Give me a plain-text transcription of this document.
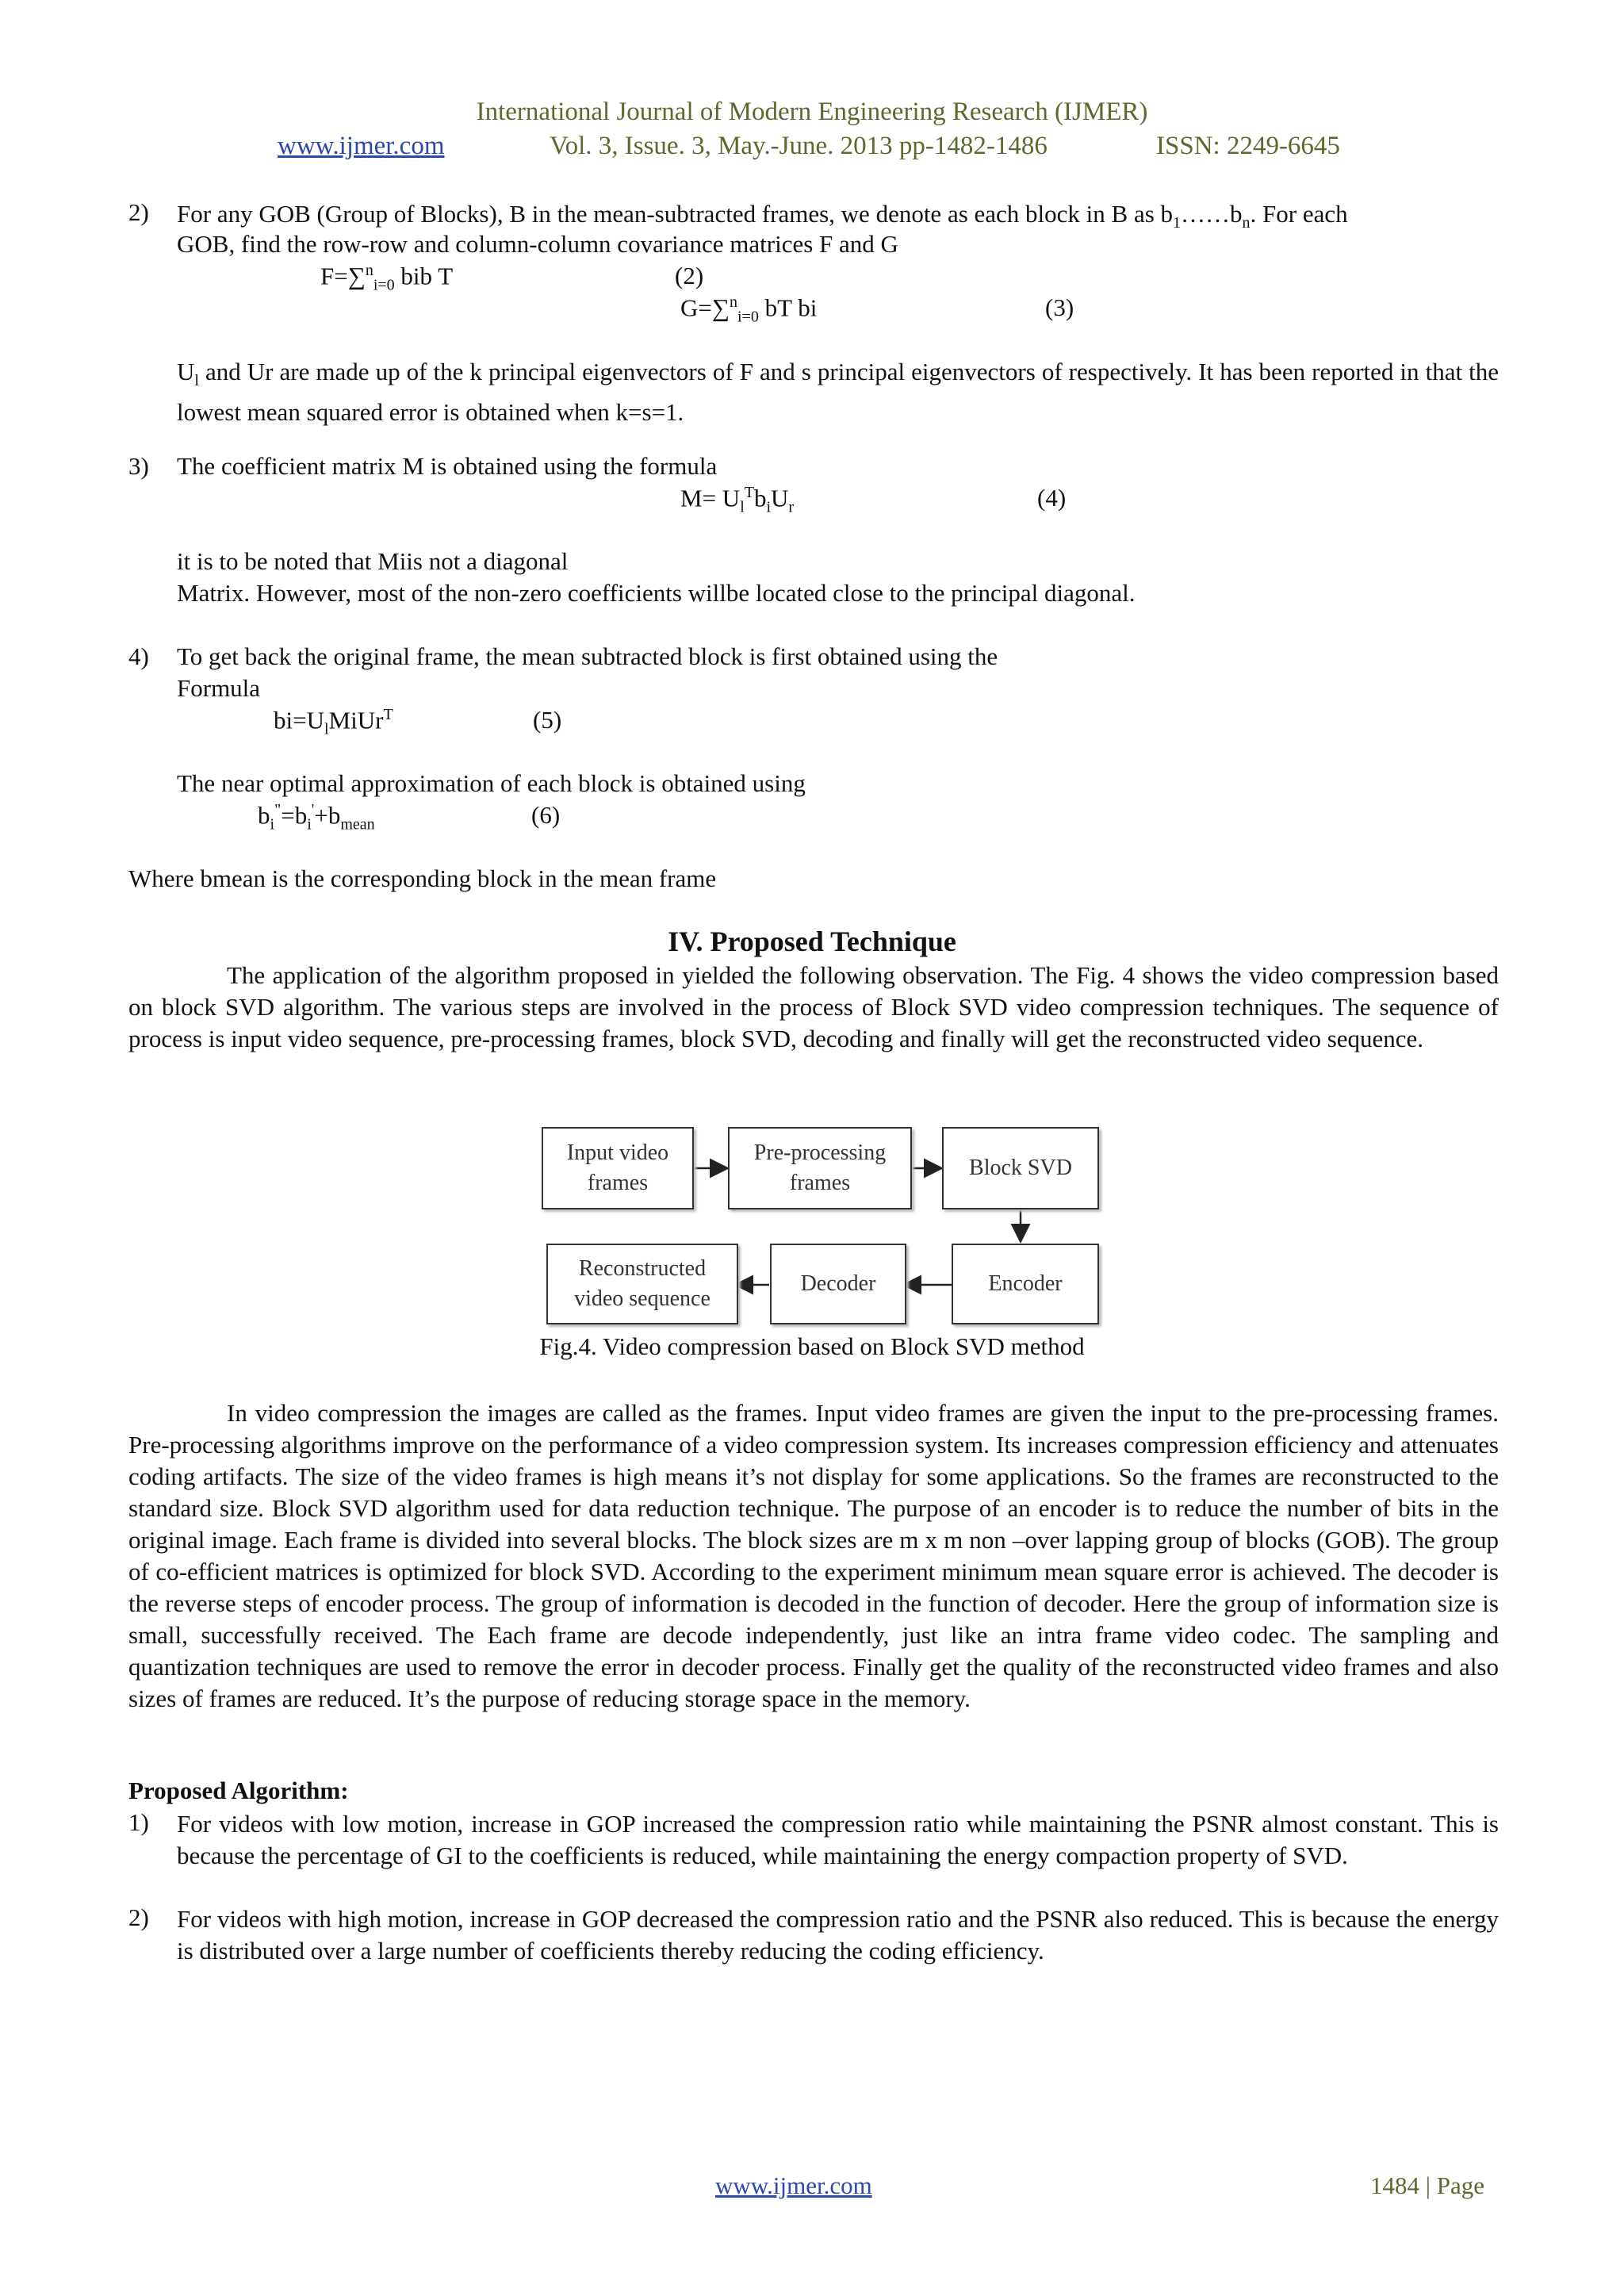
International Journal of Modern Engineering Research (IJMER)
www.ijmer.com	Vol. 3, Issue. 3, May.-June. 2013 pp-1482-1486	ISSN: 2249-6645
2) For any GOB (Group of Blocks), B in the mean-subtracted frames, we denote as each block in B as $b_1\dots\dots b_n$. For each
GOB, find the row-row and column-column covariance matrices F and G
F=∑$^n_{i=0}$ bib T	(2)
G=∑$^n_{i=0}$ bT bi	(3)
$U_l$ and Ur are made up of the k principal eigenvectors of F and s principal eigenvectors of respectively. It has been reported in that the lowest mean squared error is obtained when k=s=1.
3) The coefficient matrix M is obtained using the formula
$M= U_l^Tb_iU_r$	(4)
it is to be noted that Miis not a diagonal
Matrix. However, most of the non-zero coefficients willbe located close to the principal diagonal.
4) To get back the original frame, the mean subtracted block is first obtained using the
Formula
$bi=U_lMiUr^T$	(5)
The near optimal approximation of each block is obtained using
$b_i^"=b_i'+b_{mean}$	(6)
Where bmean is the corresponding block in the mean frame
IV. Proposed Technique
The application of the algorithm proposed in yielded the following observation. The Fig. 4 shows the video compression based on block SVD algorithm. The various steps are involved in the process of Block SVD video compression techniques. The sequence of process is input video sequence, pre-processing frames, block SVD, decoding and finally will get the reconstructed video sequence.
Input video
frames
Pre-processing
frames
Block SVD
Encoder
Decoder
Reconstructed
video sequence
Fig.4. Video compression based on Block SVD method
In video compression the images are called as the frames. Input video frames are given the input to the pre-processing frames. Pre-processing algorithms improve on the performance of a video compression system. Its increases compression efficiency and attenuates coding artifacts. The size of the video frames is high means it’s not display for some applications. So the frames are reconstructed to the standard size. Block SVD algorithm used for data reduction technique. The purpose of an encoder is to reduce the number of bits in the original image. Each frame is divided into several blocks. The block sizes are m x m non –over lapping group of blocks (GOB). The group of co-efficient matrices is optimized for block SVD. According to the experiment minimum mean square error is achieved. The decoder is the reverse steps of encoder process. The group of information is decoded in the function of decoder. Here the group of information size is small, successfully received. The Each frame are decode independently, just like an intra frame video codec. The sampling and quantization techniques are used to remove the error in decoder process. Finally get the quality of the reconstructed video frames and also sizes of frames are reduced. It’s the purpose of reducing storage space in the memory.
Proposed Algorithm:
1) For videos with low motion, increase in GOP increased the compression ratio while maintaining the PSNR almost constant. This is because the percentage of GI to the coefficients is reduced, while maintaining the energy compaction property of SVD.
2) For videos with high motion, increase in GOP decreased the compression ratio and the PSNR also reduced. This is because the energy is distributed over a large number of coefficients thereby reducing the coding efficiency.
www.ijmer.com	1484 | Page
